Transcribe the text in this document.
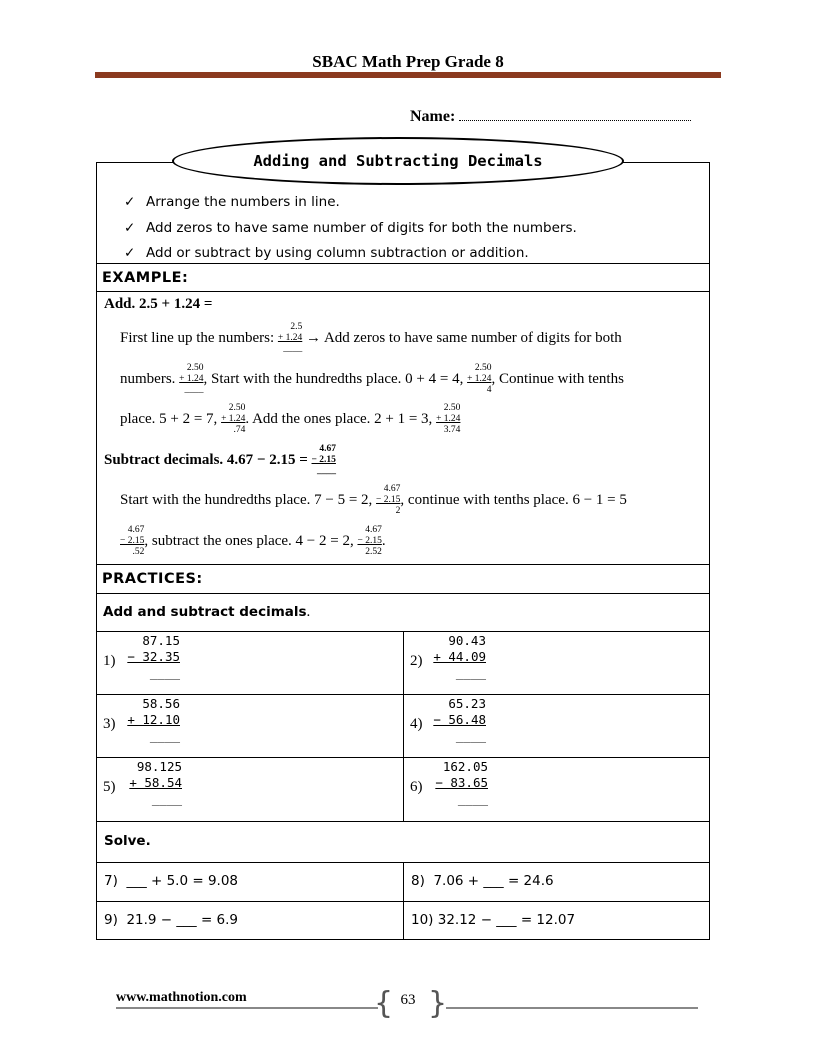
SBAC Math Prep Grade 8
Name:
Adding and Subtracting Decimals
✓ Arrange the numbers in line.
✓ Add zeros to have same number of digits for both the numbers.
✓ Add or subtract by using column subtraction or addition.
EXAMPLE:
Add. 2.5 + 1.24 =
First line up the numbers: 2.5
+ 1.24
____ → Add zeros to have same number of digits for both
numbers. 2.50
+ 1.24
____, Start with the hundredths place. 0 + 4 = 4, 2.50
+ 1.24
4, Continue with tenths
place. 5 + 2 = 7, 2.50
+ 1.24
.74. Add the ones place. 2 + 1 = 3, 2.50
+ 1.24
3.74
Subtract decimals. 4.67 − 2.15 = 4.67
− 2.15
____
Start with the hundredths place. 7 − 5 = 2, 4.67
− 2.15
2, continue with tenths place. 6 − 1 = 5
4.67
− 2.15
.52, subtract the ones place. 4 − 2 = 2, 4.67
− 2.15
2.52.
PRACTICES:
Add and subtract decimals.
1)
87.15
− 32.35
____
2)
90.43
+ 44.09
____
3)
58.56
+ 12.10
____
4)
65.23
− 56.48
____
5)
98.125
+ 58.54
____
6)
162.05
− 83.65
____
Solve.
7) ___ + 5.0 = 9.08	8) 7.06 + ___ = 24.6
9) 21.9 − ___ = 6.9	10) 32.12 − ___ = 12.07
www.mathnotion.com	{ 63 }
